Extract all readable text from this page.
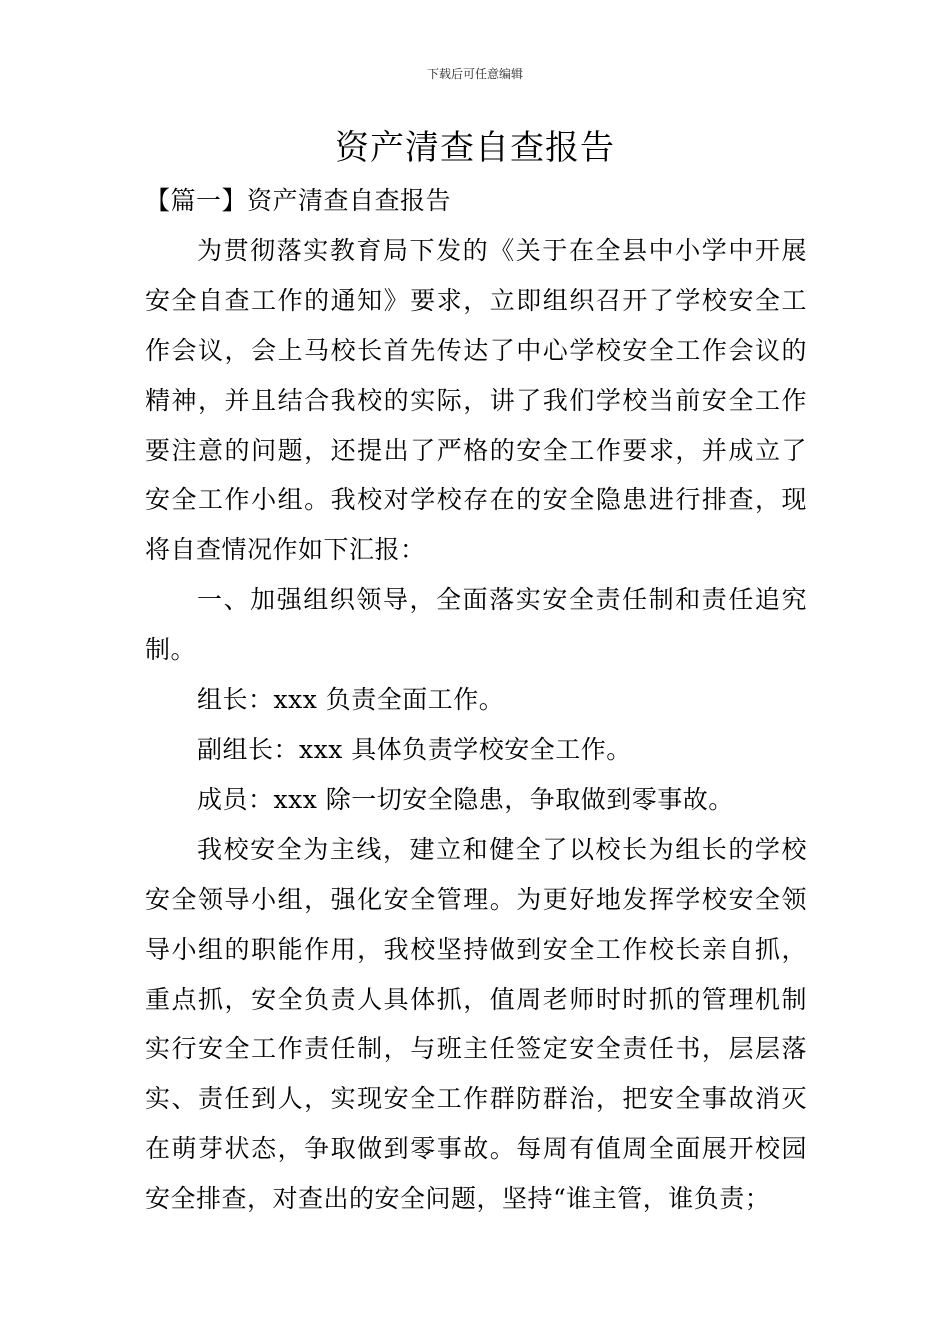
下载后可任意编辑
资产清查自查报告

【篇一】资产清查自查报告

为贯彻落实教育局下发的《关于在全县中小学中开展安全自查工作的通知》要求，立即组织召开了学校安全工作会议，会上马校长首先传达了中心学校安全工作会议的精神，并且结合我校的实际，讲了我们学校当前安全工作要注意的问题，还提出了严格的安全工作要求，并成立了安全工作小组。我校对学校存在的安全隐患进行排查，现将自查情况作如下汇报：

一、加强组织领导，全面落实安全责任制和责任追究制。

组长：xxx 负责全面工作。

副组长：xxx 具体负责学校安全工作。

成员：xxx 除一切安全隐患，争取做到零事故。

我校安全为主线，建立和健全了以校长为组长的学校安全领导小组，强化安全管理。为更好地发挥学校安全领导小组的职能作用，我校坚持做到安全工作校长亲自抓，重点抓，安全负责人具体抓，值周老师时时抓的管理机制实行安全工作责任制，与班主任签定安全责任书，层层落实、责任到人，实现安全工作群防群治，把安全事故消灭在萌芽状态，争取做到零事故。每周有值周全面展开校园安全排查，对查出的安全问题，坚持“谁主管，谁负责；
